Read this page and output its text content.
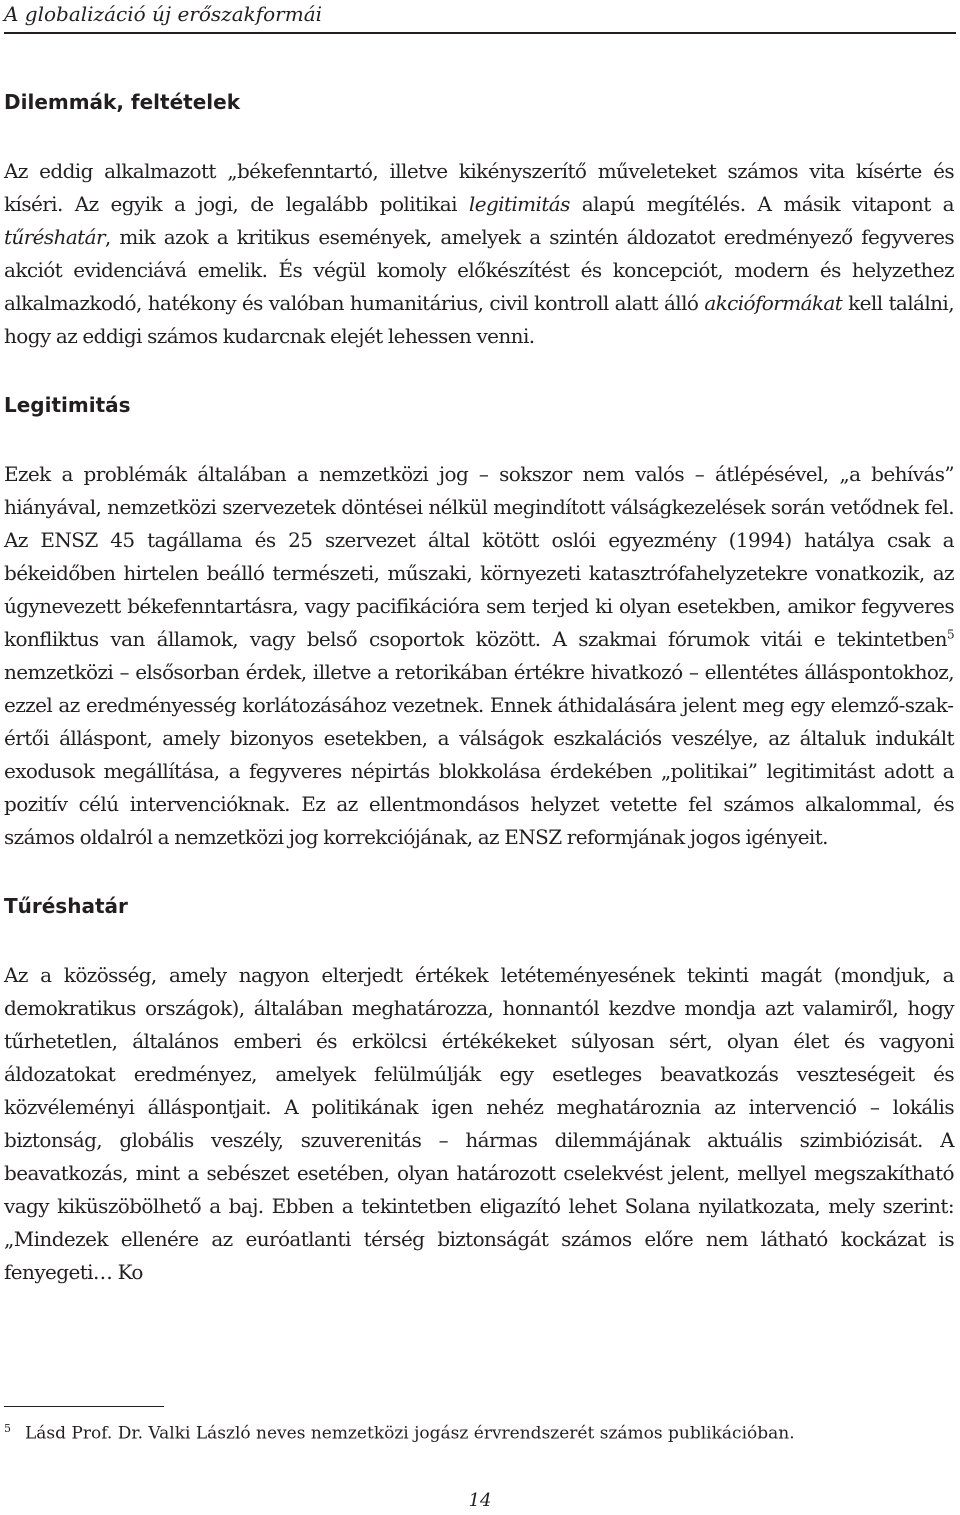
A globalizáció új erőszakformái
Dilemmák, feltételek

Az eddig alkalmazott „békefenntartó, illetve kikényszerítő műveleteket számos vita kísérte és kíséri. Az egyik a jogi, de legalább politikai legitimitás alapú megítélés. A másik vitapont a tűréshatár, mik azok a kritikus események, amelyek a szintén áldozatot eredményező fegyveres akciót evidenciává emelik. És végül komoly előkészítést és koncepciót, modern és helyzethez alkalmazkodó, hatékony és valóban humanitárius, civil kontroll alatt álló akcióformákat kell találni, hogy az eddigi számos kudarcnak elejét lehessen venni.

Legitimitás

Ezek a problémák általában a nemzetközi jog – sokszor nem valós – átlépésével, „a behívás” hiányával, nemzetközi szervezetek döntései nélkül megindított válságkezelések során vetődnek fel. Az ENSZ 45 tagállama és 25 szervezet által kötött oslói egyezmény (1994) hatálya csak a békeidőben hirtelen beálló természeti, műszaki, környezeti katasztrófahelyzetekre vonatkozik, az úgynevezett békefenntartásra, vagy pacifikációra sem terjed ki olyan esetekben, amikor fegyveres konfliktus van államok, vagy belső csoportok között. A szakmai fórumok vitái e tekintetben$^5$ nemzetközi – elsősorban érdek, illetve a retorikában értékre hivatkozó – ellentétes álláspontokhoz, ezzel az eredményesség korlátozásához vezetnek. Ennek áthidalására jelent meg egy elemző-szakértői álláspont, amely bizonyos esetekben, a válságok eszkalációs veszélye, az általuk indukált exodusok megállítása, a fegyveres népirtás blokkolása érdekében „politikai” legitimitást adott a pozitív célú intervencióknak. Ez az ellentmondásos helyzet vetette fel számos alkalommal, és számos oldalról a nemzetközi jog korrekciójának, az ENSZ reformjának jogos igényeit.

Tűréshatár

Az a közösség, amely nagyon elterjedt értékek letéteményesének tekinti magát (mondjuk, a demokratikus országok), általában meghatározza, honnantól kezdve mondja azt valamiről, hogy tűrhetetlen, általános emberi és erkölcsi értékékeket súlyosan sért, olyan élet és vagyoni áldozatokat eredményez, amelyek felülmúlják egy esetleges beavatkozás veszteségeit és közvéleményi álláspontjait. A politikának igen nehéz meghatároznia az intervenció – lokális biztonság, globális veszély, szuverenitás – hármas dilemmájának aktuális szimbiózisát. A beavatkozás, mint a sebészet esetében, olyan határozott cselekvést jelent, mellyel megszakítható vagy kiküszöbölhető a baj. Ebben a tekintetben eligazító lehet Solana nyilatkozata, mely szerint: „Mindezek ellenére az euróatlanti térség biztonságát számos előre nem látható kockázat is fenyegeti… Ko

$^5$ Lásd Prof. Dr. Valki László neves nemzetközi jogász érvrendszerét számos publikációban.
14
